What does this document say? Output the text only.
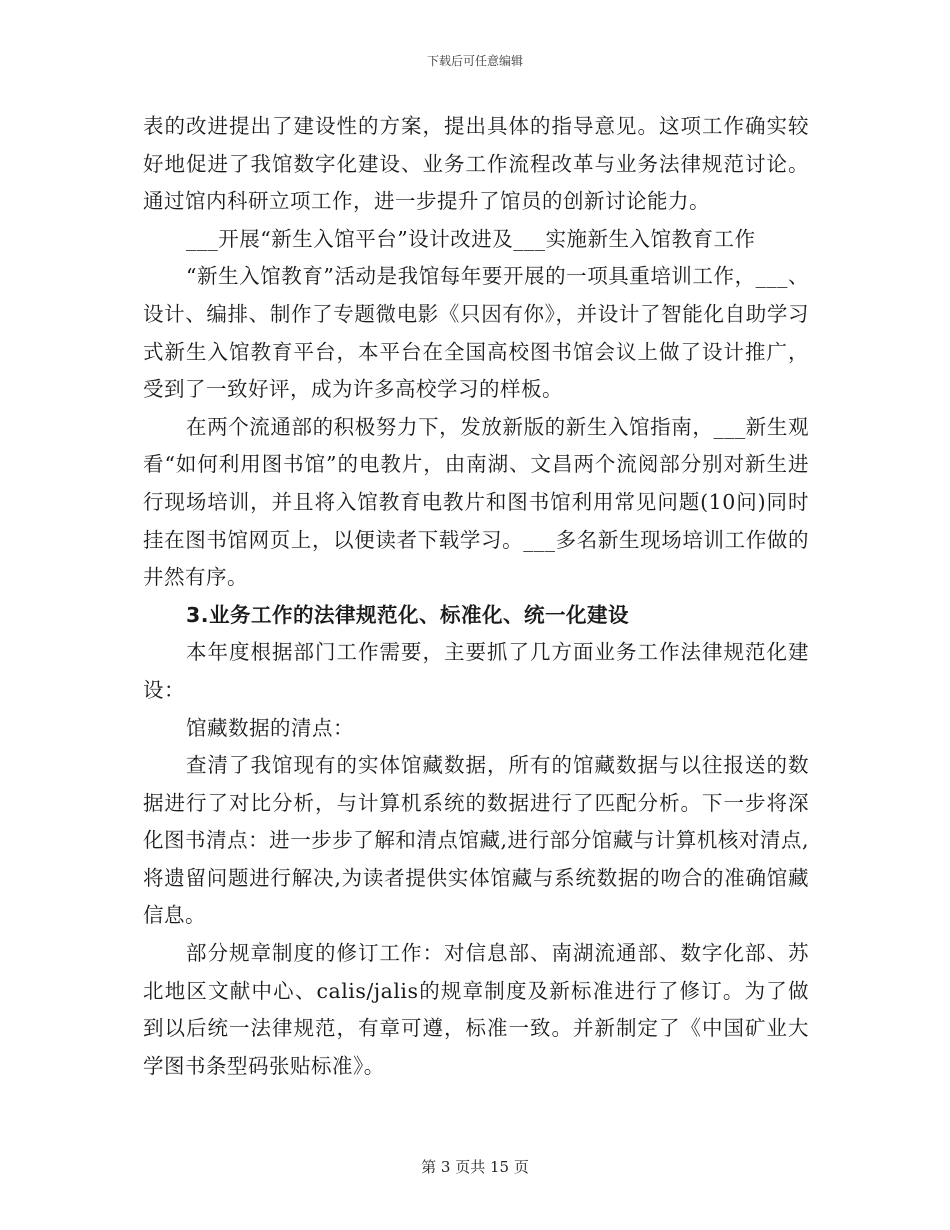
下载后可任意编辑

表的改进提出了建设性的方案，提出具体的指导意见。这项工作确实较好地促进了我馆数字化建设、业务工作流程改革与业务法律规范讨论。通过馆内科研立项工作，进一步提升了馆员的创新讨论能力。

___开展“新生入馆平台”设计改进及___实施新生入馆教育工作

“新生入馆教育”活动是我馆每年要开展的一项具重培训工作，___、设计、编排、制作了专题微电影《只因有你》，并设计了智能化自助学习式新生入馆教育平台，本平台在全国高校图书馆会议上做了设计推广，受到了一致好评，成为许多高校学习的样板。

在两个流通部的积极努力下，发放新版的新生入馆指南，___新生观看“如何利用图书馆”的电教片，由南湖、文昌两个流阅部分别对新生进行现场培训，并且将入馆教育电教片和图书馆利用常见问题(10问)同时挂在图书馆网页上，以便读者下载学习。___多名新生现场培训工作做的井然有序。

3.业务工作的法律规范化、标准化、统一化建设

本年度根据部门工作需要，主要抓了几方面业务工作法律规范化建设：

馆藏数据的清点：

查清了我馆现有的实体馆藏数据，所有的馆藏数据与以往报送的数据进行了对比分析，与计算机系统的数据进行了匹配分析。下一步将深化图书清点：进一步步了解和清点馆藏,进行部分馆藏与计算机核对清点,将遗留问题进行解决,为读者提供实体馆藏与系统数据的吻合的准确馆藏信息。

部分规章制度的修订工作：对信息部、南湖流通部、数字化部、苏北地区文献中心、calis/jalis的规章制度及新标准进行了修订。为了做到以后统一法律规范，有章可遵，标准一致。并新制定了《中国矿业大学图书条型码张贴标准》。

第 3 页共 15 页
